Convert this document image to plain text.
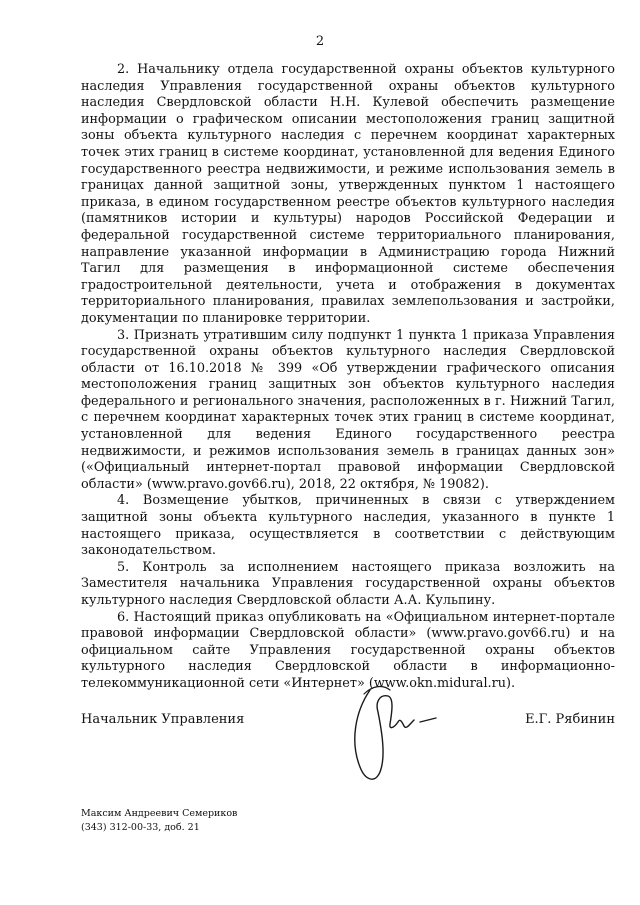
2

2. Начальнику отдела государственной охраны объектов культурного наследия Управления государственной охраны объектов культурного наследия Свердловской области Н.Н. Кулевой обеспечить размещение информации о графическом описании местоположения границ защитной зоны объекта культурного наследия с перечнем координат характерных точек этих границ в системе координат, установленной для ведения Единого государственного реестра недвижимости, и режиме использования земель в границах данной защитной зоны, утвержденных пунктом 1 настоящего приказа, в едином государственном реестре объектов культурного наследия (памятников истории и культуры) народов Российской Федерации и федеральной государственной системе территориального планирования, направление указанной информации в Администрацию города Нижний Тагил для размещения в информационной системе обеспечения градостроительной деятельности, учета и отображения в документах территориального планирования, правилах землепользования и застройки, документации по планировке территории.

3. Признать утратившим силу подпункт 1 пункта 1 приказа Управления государственной охраны объектов культурного наследия Свердловской области от 16.10.2018 № 399 «Об утверждении графического описания местоположения границ защитных зон объектов культурного наследия федерального и регионального значения, расположенных в г. Нижний Тагил, с перечнем координат характерных точек этих границ в системе координат, установленной для ведения Единого государственного реестра недвижимости, и режимов использования земель в границах данных зон» («Официальный интернет-портал правовой информации Свердловской области» (www.pravo.gov66.ru), 2018, 22 октября, № 19082).

4. Возмещение убытков, причиненных в связи с утверждением защитной зоны объекта культурного наследия, указанного в пункте 1 настоящего приказа, осуществляется в соответствии с действующим законодательством.

5. Контроль за исполнением настоящего приказа возложить на Заместителя начальника Управления государственной охраны объектов культурного наследия Свердловской области А.А. Кульпину.

6. Настоящий приказ опубликовать на «Официальном интернет-портале правовой информации Свердловской области» (www.pravo.gov66.ru) и на официальном сайте Управления государственной охраны объектов культурного наследия Свердловской области в информационно-телекоммуникационной сети «Интернет» (www.okn.midural.ru).

Начальник Управления	Е.Г. Рябинин
Максим Андреевич Семериков
(343) 312-00-33, доб. 21
